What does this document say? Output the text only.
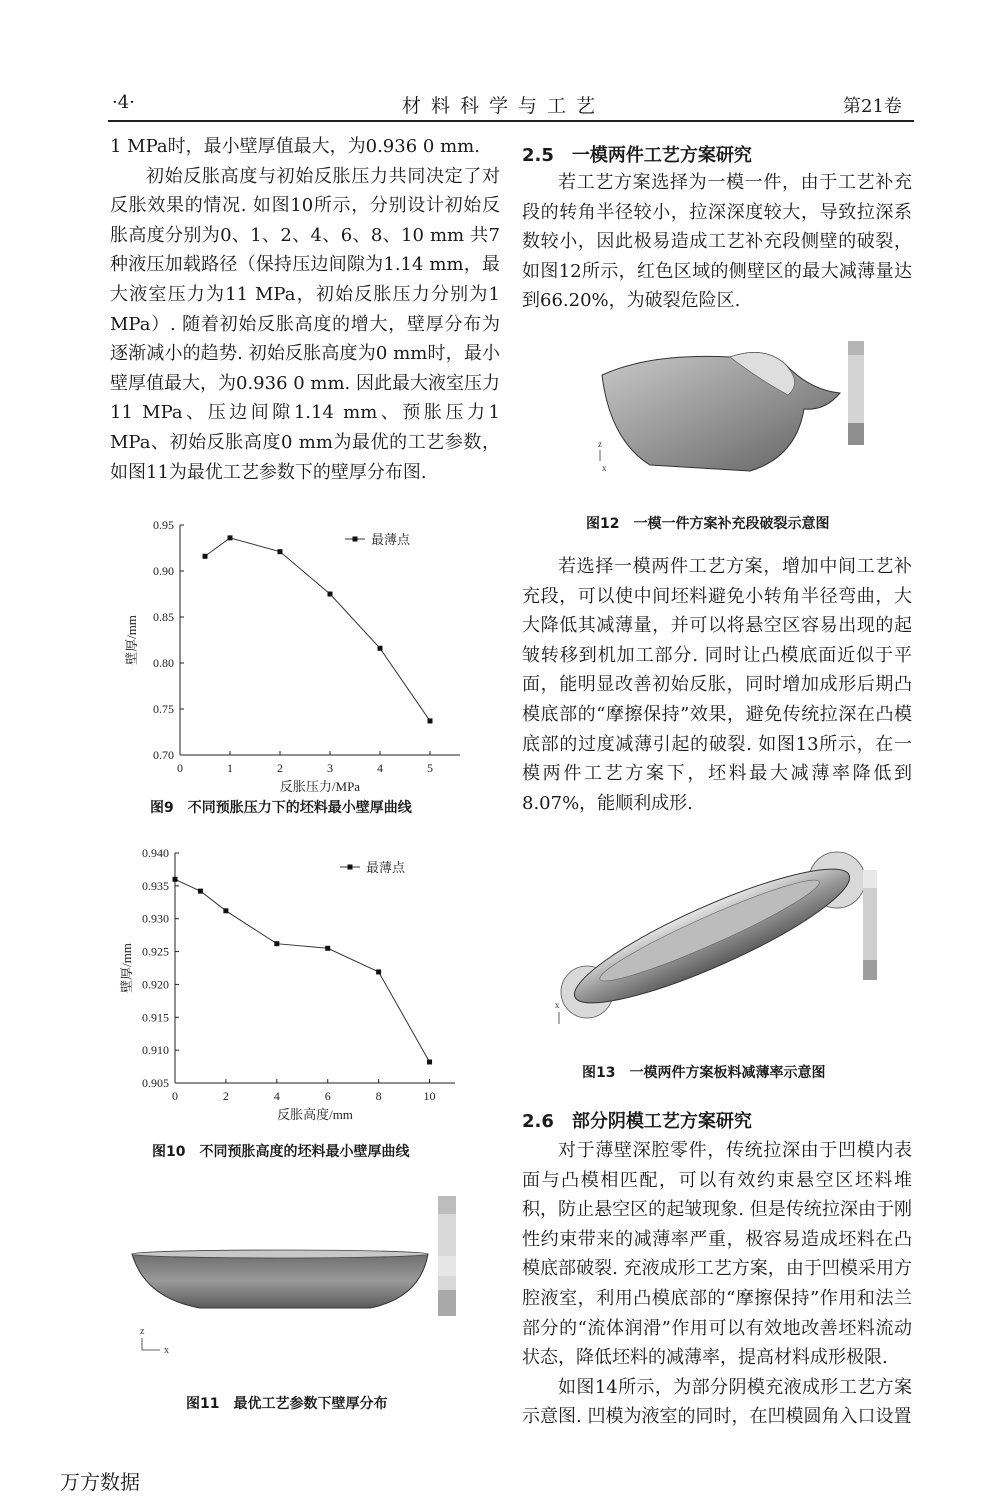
·4·	材料科学与工艺	第21卷

1 MPa时，最小壁厚值最大，为0.936 0 mm.

初始反胀高度与初始反胀压力共同决定了对反胀效果的情况. 如图10所示，分别设计初始反胀高度分别为0、1、2、4、6、8、10 mm 共7种液压加载路径（保持压边间隙为1.14 mm，最大液室压力为11 MPa，初始反胀压力分别为1 MPa）. 随着初始反胀高度的增大，壁厚分布为逐渐减小的趋势. 初始反胀高度为0 mm时，最小壁厚值最大，为0.936 0 mm. 因此最大液室压力11 MPa、压边间隙1.14 mm、预胀压力1 MPa、初始反胀高度0 mm为最优的工艺参数，如图11为最优工艺参数下的壁厚分布图.

0.70
0.75
0.80
0.85
0.90
0.95
0	1	2	3	4	5
反胀压力/MPa
壁厚/mm
最薄点
图9　不同预胀压力下的坯料最小壁厚曲线
0.905
0.910
0.915
0.920
0.925
0.930
0.935
0.940
0	2	4	6	8	10
反胀高度/mm
壁厚/mm
最薄点
图10　不同预胀高度的坯料最小壁厚曲线
z
x
图11　最优工艺参数下壁厚分布
2.5　一模两件工艺方案研究

若工艺方案选择为一模一件，由于工艺补充段的转角半径较小，拉深深度较大，导致拉深系数较小，因此极易造成工艺补充段侧壁的破裂，如图12所示，红色区域的侧壁区的最大减薄量达到66.20%，为破裂危险区.

z
x
图12　一模一件方案补充段破裂示意图

若选择一模两件工艺方案，增加中间工艺补充段，可以使中间坯料避免小转角半径弯曲，大大降低其减薄量，并可以将悬空区容易出现的起皱转移到机加工部分. 同时让凸模底面近似于平面，能明显改善初始反胀，同时增加成形后期凸模底部的“摩擦保持”效果，避免传统拉深在凸模底部的过度减薄引起的破裂. 如图13所示，在一模两件工艺方案下，坯料最大减薄率降低到8.07%，能顺利成形.

x
图13　一模两件方案板料减薄率示意图
2.6　部分阴模工艺方案研究

对于薄壁深腔零件，传统拉深由于凹模内表面与凸模相匹配，可以有效约束悬空区坯料堆积，防止悬空区的起皱现象. 但是传统拉深由于刚性约束带来的减薄率严重，极容易造成坯料在凸模底部破裂. 充液成形工艺方案，由于凹模采用方腔液室，利用凸模底部的“摩擦保持”作用和法兰部分的“流体润滑”作用可以有效地改善坯料流动状态，降低坯料的减薄率，提高材料成形极限.

如图14所示，为部分阴模充液成形工艺方案示意图. 凹模为液室的同时，在凹模圆角入口设置

万方数据
